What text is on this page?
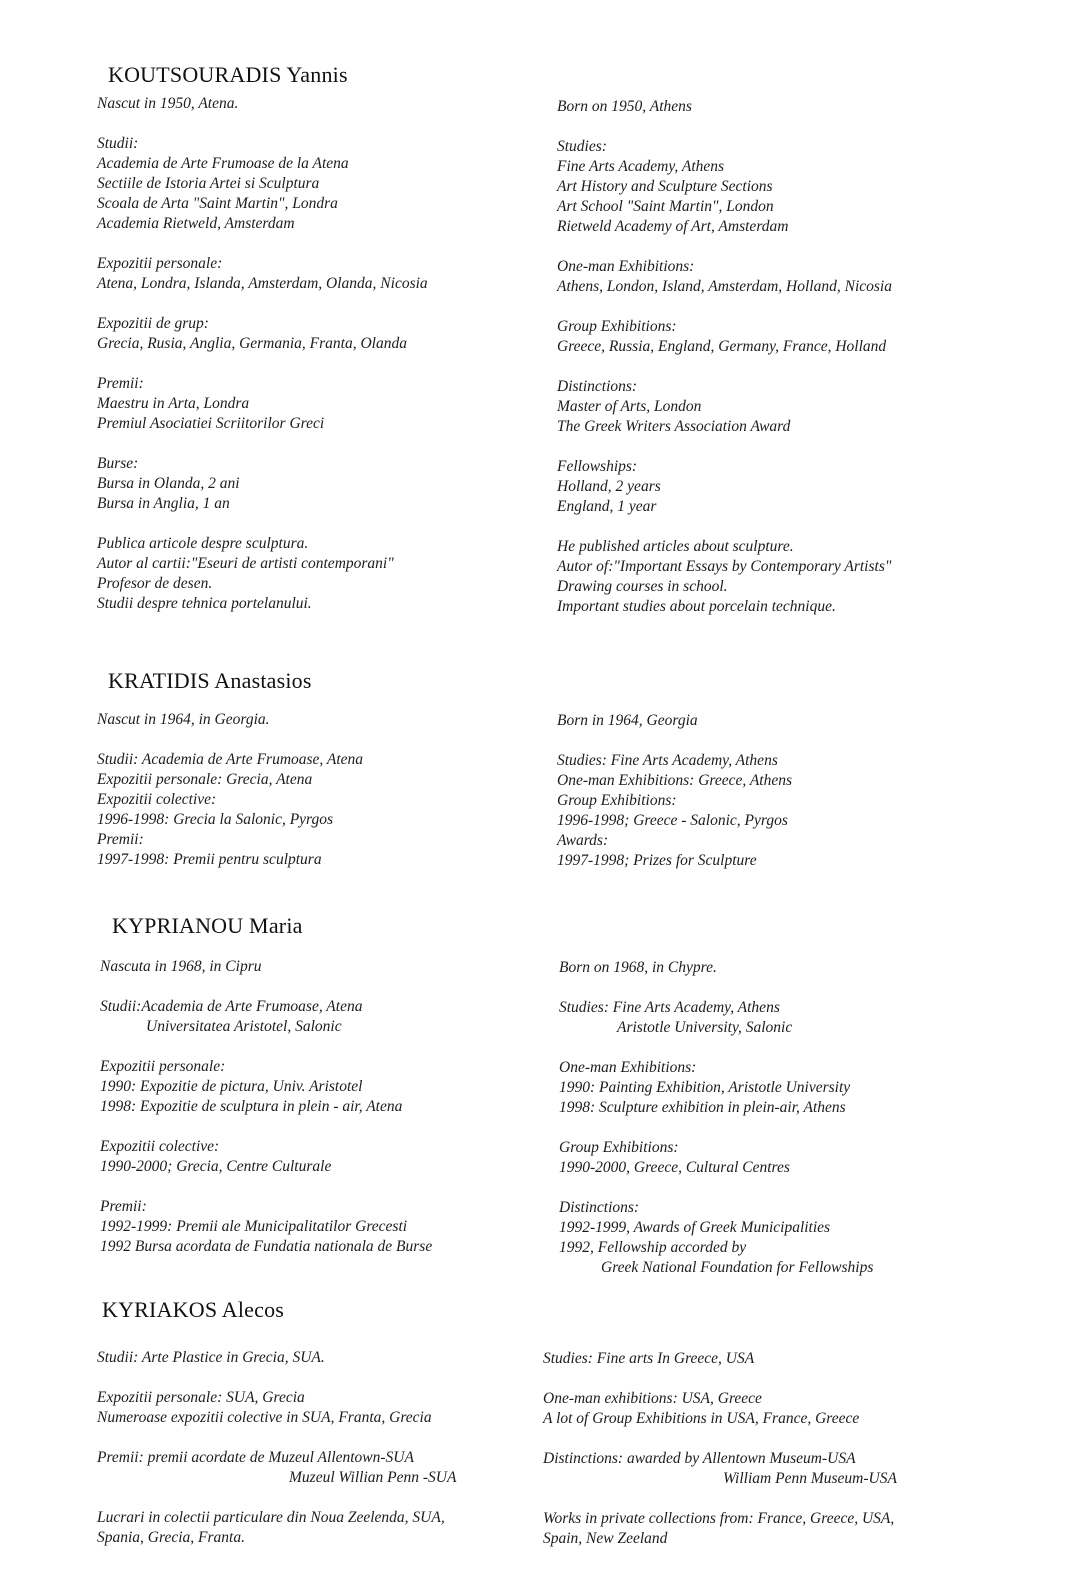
KOUTSOURADIS Yannis
Nascut in 1950, Atena.
Studii:
Academia de Arte Frumoase de la Atena
Sectiile de Istoria Artei si Sculptura
Scoala de Arta "Saint Martin", Londra
Academia Rietweld, Amsterdam
Expozitii personale:
Atena, Londra, Islanda, Amsterdam, Olanda, Nicosia
Expozitii de grup:
Grecia, Rusia, Anglia, Germania, Franta, Olanda
Premii:
Maestru in Arta, Londra
Premiul Asociatiei Scriitorilor Greci
Burse:
Bursa in Olanda, 2 ani
Bursa in Anglia, 1 an
Publica articole despre sculptura.
Autor al cartii:"Eseuri de artisti contemporani"
Profesor de desen.
Studii despre tehnica portelanului.
Born on 1950, Athens
Studies:
Fine Arts Academy, Athens
Art History and Sculpture Sections
Art School "Saint Martin", London
Rietweld Academy of Art, Amsterdam
One-man Exhibitions:
Athens, London, Island, Amsterdam, Holland, Nicosia
Group Exhibitions:
Greece, Russia, England, Germany, France, Holland
Distinctions:
Master of Arts, London
The Greek Writers Association Award
Fellowships:
Holland, 2 years
England, 1 year
He published articles about sculpture.
Autor of:"Important Essays by Contemporary Artists"
Drawing courses in school.
Important studies about porcelain technique.
KRATIDIS Anastasios
Nascut in 1964, in Georgia.
Studii: Academia de Arte Frumoase, Atena
Expozitii personale: Grecia, Atena
Expozitii colective:
1996-1998: Grecia la Salonic, Pyrgos
Premii:
1997-1998: Premii pentru sculptura
Born in 1964, Georgia
Studies: Fine Arts Academy, Athens
One-man Exhibitions: Greece, Athens
Group Exhibitions:
1996-1998; Greece - Salonic, Pyrgos
Awards:
1997-1998; Prizes for Sculpture
KYPRIANOU Maria
Nascuta in 1968, in Cipru
Studii:Academia de Arte Frumoase, Atena
Universitatea Aristotel, Salonic
Expozitii personale:
1990: Expozitie de pictura, Univ. Aristotel
1998: Expozitie de sculptura in plein - air, Atena
Expozitii colective:
1990-2000; Grecia, Centre Culturale
Premii:
1992-1999: Premii ale Municipalitatilor Grecesti
1992 Bursa acordata de Fundatia nationala de Burse
Born on 1968, in Chypre.
Studies: Fine Arts Academy, Athens
Aristotle University, Salonic
One-man Exhibitions:
1990: Painting Exhibition, Aristotle University
1998: Sculpture exhibition in plein-air, Athens
Group Exhibitions:
1990-2000, Greece, Cultural Centres
Distinctions:
1992-1999, Awards of Greek Municipalities
1992, Fellowship accorded by
Greek National Foundation for Fellowships
KYRIAKOS Alecos
Studii: Arte Plastice in Grecia, SUA.
Expozitii personale: SUA, Grecia
Numeroase expozitii colective in SUA, Franta, Grecia
Premii: premii acordate de Muzeul Allentown-SUA
Muzeul Willian Penn -SUA
Lucrari in colectii particulare din Noua Zeelenda, SUA,
Spania, Grecia, Franta.
Studies: Fine arts In Greece, USA
One-man exhibitions: USA, Greece
A lot of Group Exhibitions in USA, France, Greece
Distinctions: awarded by Allentown Museum-USA
William Penn Museum-USA
Works in private collections from: France, Greece, USA,
Spain, New Zeeland
